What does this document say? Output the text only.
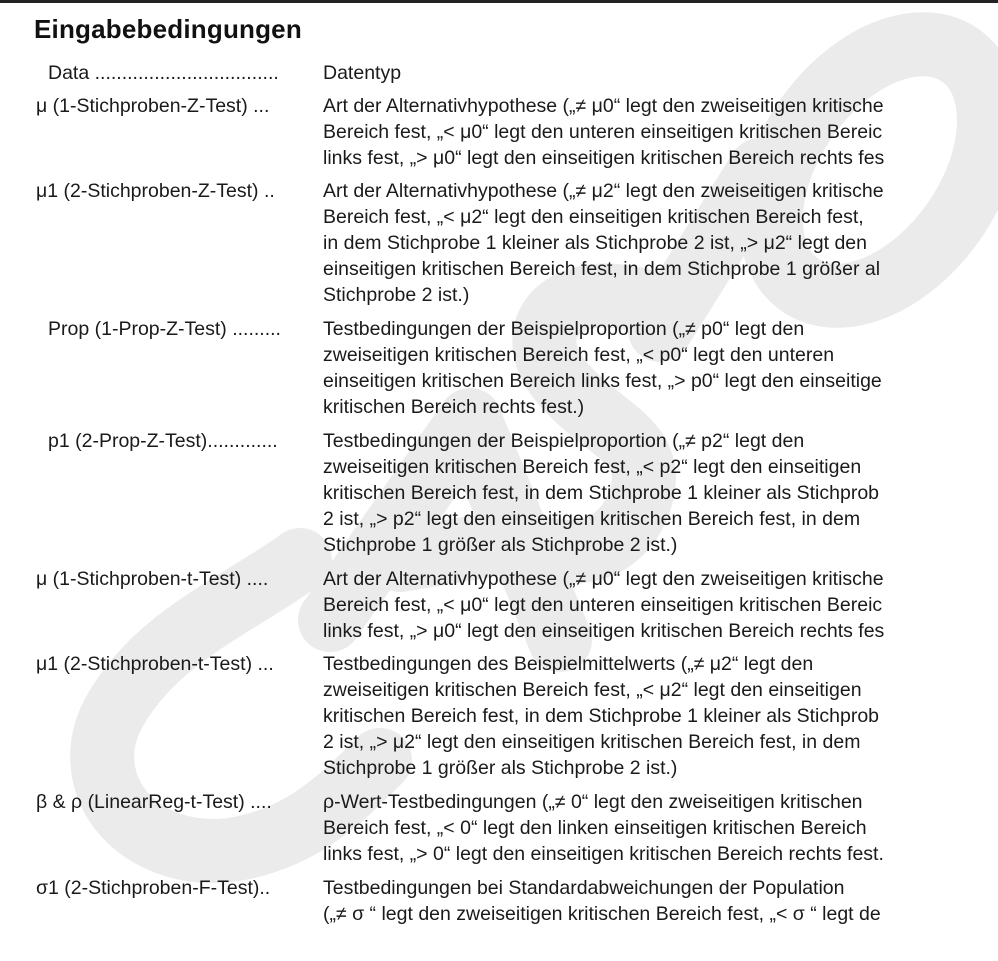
Eingabebedingungen
Data ..................................	Datentyp
μ (1-Stichproben-Z-Test) ...	Art der Alternativhypothese („≠ μ0“ legt den zweiseitigen kritische
Bereich fest, „< μ0“ legt den unteren einseitigen kritischen Bereic
links fest, „> μ0“ legt den einseitigen kritischen Bereich rechts fes
μ1 (2-Stichproben-Z-Test) ..	Art der Alternativhypothese („≠ μ2“ legt den zweiseitigen kritische
Bereich fest, „< μ2“ legt den einseitigen kritischen Bereich fest,
in dem Stichprobe 1 kleiner als Stichprobe 2 ist, „> μ2“ legt den
einseitigen kritischen Bereich fest, in dem Stichprobe 1 größer al
Stichprobe 2 ist.)
Prop (1-Prop-Z-Test) .........	Testbedingungen der Beispielproportion („≠ p0“ legt den
zweiseitigen kritischen Bereich fest, „< p0“ legt den unteren
einseitigen kritischen Bereich links fest, „> p0“ legt den einseitige
kritischen Bereich rechts fest.)
p1 (2-Prop-Z-Test).............	Testbedingungen der Beispielproportion („≠ p2“ legt den
zweiseitigen kritischen Bereich fest, „< p2“ legt den einseitigen
kritischen Bereich fest, in dem Stichprobe 1 kleiner als Stichprob
2 ist, „> p2“ legt den einseitigen kritischen Bereich fest, in dem
Stichprobe 1 größer als Stichprobe 2 ist.)
μ (1-Stichproben-t-Test) ....	Art der Alternativhypothese („≠ μ0“ legt den zweiseitigen kritische
Bereich fest, „< μ0“ legt den unteren einseitigen kritischen Bereic
links fest, „> μ0“ legt den einseitigen kritischen Bereich rechts fes
μ1 (2-Stichproben-t-Test) ...	Testbedingungen des Beispielmittelwerts („≠ μ2“ legt den
zweiseitigen kritischen Bereich fest, „< μ2“ legt den einseitigen
kritischen Bereich fest, in dem Stichprobe 1 kleiner als Stichprob
2 ist, „> μ2“ legt den einseitigen kritischen Bereich fest, in dem
Stichprobe 1 größer als Stichprobe 2 ist.)
β & ρ (LinearReg-t-Test) ....	ρ-Wert-Testbedingungen („≠ 0“ legt den zweiseitigen kritischen
Bereich fest, „< 0“ legt den linken einseitigen kritischen Bereich
links fest, „> 0“ legt den einseitigen kritischen Bereich rechts fest.
σ1 (2-Stichproben-F-Test)..	Testbedingungen bei Standardabweichungen der Population
(„≠ σ “ legt den zweiseitigen kritischen Bereich fest, „< σ “ legt de
